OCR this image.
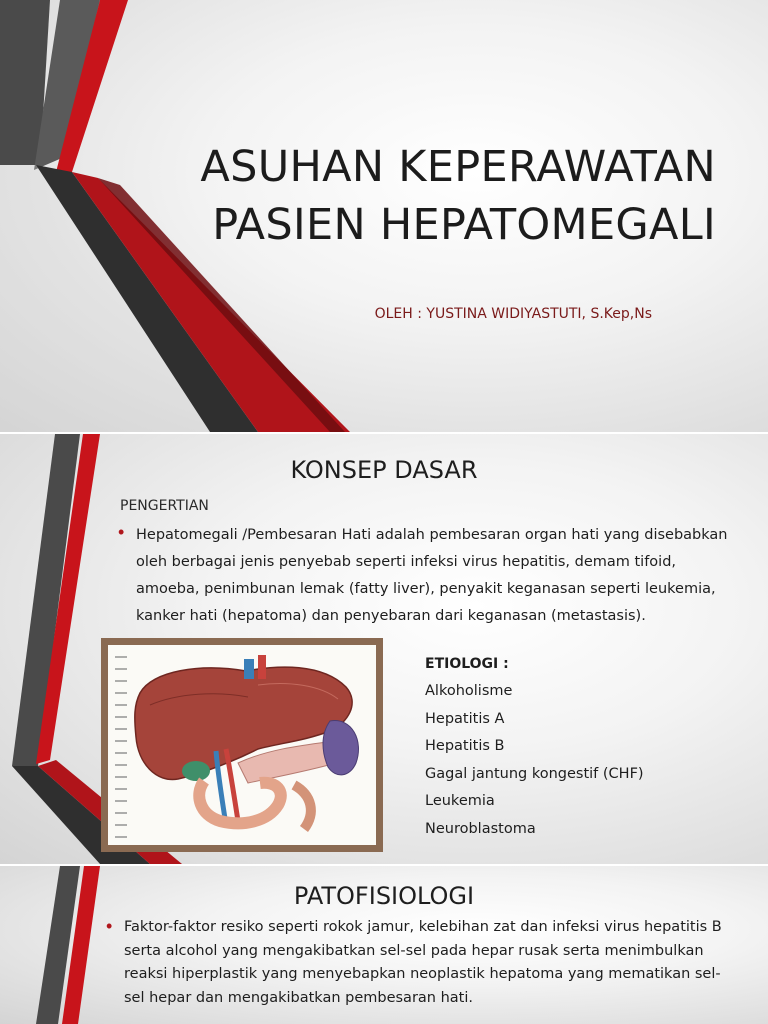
ASUHAN KEPERAWATAN
PASIEN HEPATOMEGALI
OLEH : YUSTINA WIDIYASTUTI, S.Kep,Ns
KONSEP DASAR
PENGERTIAN
• Hepatomegali /Pembesaran Hati adalah pembesaran organ hati yang disebabkan oleh berbagai jenis penyebab seperti infeksi virus hepatitis, demam tifoid, amoeba, penimbunan lemak (fatty liver), penyakit keganasan seperti leukemia, kanker hati (hepatoma) dan penyebaran dari keganasan (metastasis).

ETIOLOGI :
Alkoholisme
Hepatitis A
Hepatitis B
Gagal jantung kongestif (CHF)
Leukemia
Neuroblastoma
PATOFISIOLOGI
• Faktor-faktor resiko seperti rokok jamur, kelebihan zat dan infeksi virus hepatitis B serta alcohol yang mengakibatkan sel-sel pada hepar rusak serta menimbulkan reaksi hiperplastik yang menyebapkan neoplastik hepatoma yang mematikan sel-sel hepar dan mengakibatkan pembesaran hati.
